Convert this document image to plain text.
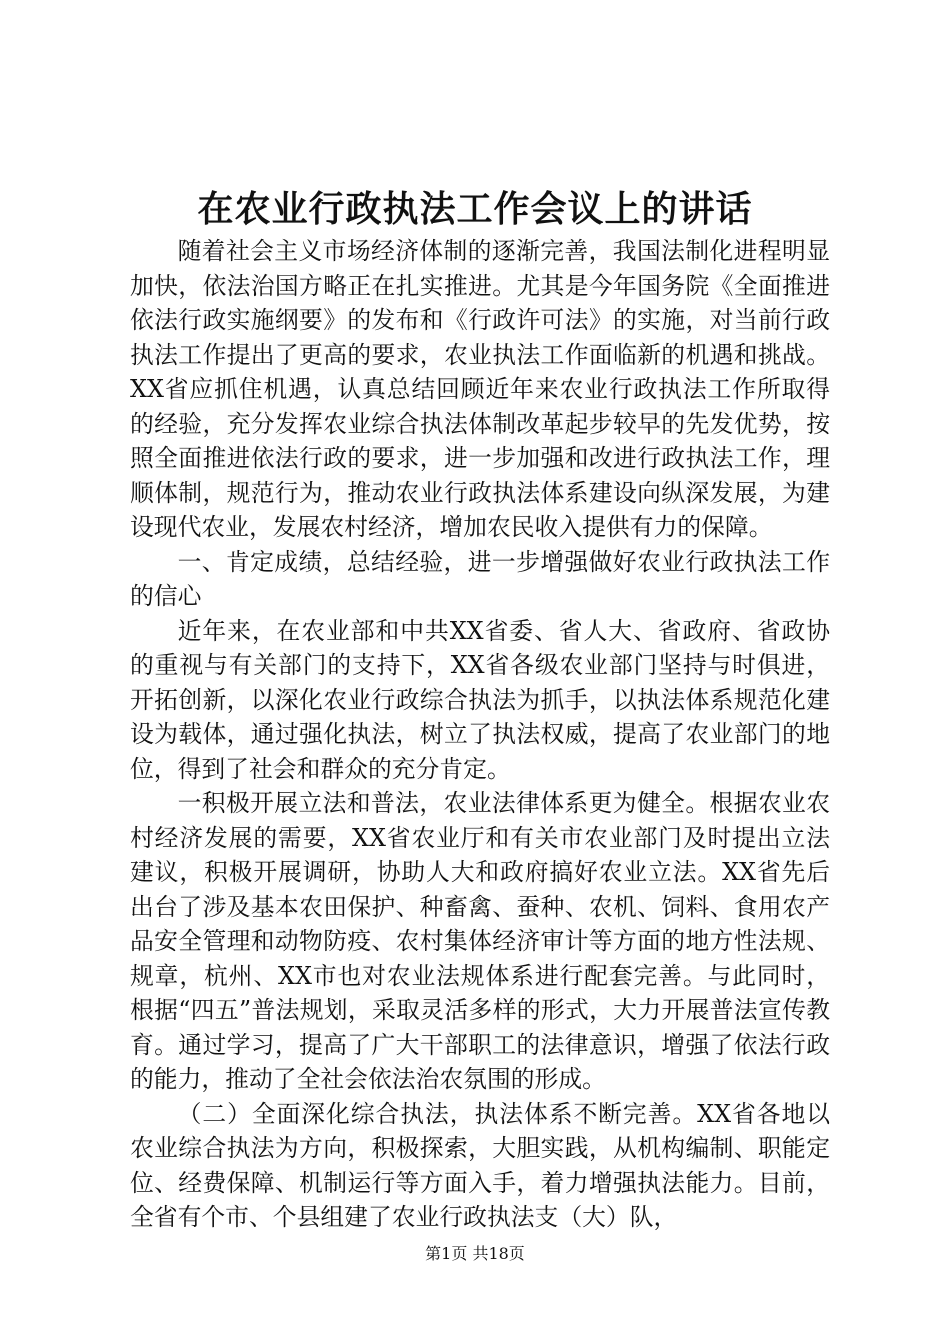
在农业行政执法工作会议上的讲话

随着社会主义市场经济体制的逐渐完善，我国法制化进程明显加快，依法治国方略正在扎实推进。尤其是今年国务院《全面推进依法行政实施纲要》的发布和《行政许可法》的实施，对当前行政执法工作提出了更高的要求，农业执法工作面临新的机遇和挑战。XX省应抓住机遇，认真总结回顾近年来农业行政执法工作所取得的经验，充分发挥农业综合执法体制改革起步较早的先发优势，按照全面推进依法行政的要求，进一步加强和改进行政执法工作，理顺体制，规范行为，推动农业行政执法体系建设向纵深发展，为建设现代农业，发展农村经济，增加农民收入提供有力的保障。

一、肯定成绩，总结经验，进一步增强做好农业行政执法工作的信心

近年来，在农业部和中共XX省委、省人大、省政府、省政协的重视与有关部门的支持下，XX省各级农业部门坚持与时俱进，开拓创新，以深化农业行政综合执法为抓手，以执法体系规范化建设为载体，通过强化执法，树立了执法权威，提高了农业部门的地位，得到了社会和群众的充分肯定。

一积极开展立法和普法，农业法律体系更为健全。根据农业农村经济发展的需要，XX省农业厅和有关市农业部门及时提出立法建议，积极开展调研，协助人大和政府搞好农业立法。XX省先后出台了涉及基本农田保护、种畜禽、蚕种、农机、饲料、食用农产品安全管理和动物防疫、农村集体经济审计等方面的地方性法规、规章，杭州、XX市也对农业法规体系进行配套完善。与此同时，根据“四五”普法规划，采取灵活多样的形式，大力开展普法宣传教育。通过学习，提高了广大干部职工的法律意识，增强了依法行政的能力，推动了全社会依法治农氛围的形成。

（二）全面深化综合执法，执法体系不断完善。XX省各地以农业综合执法为方向，积极探索，大胆实践，从机构编制、职能定位、经费保障、机制运行等方面入手，着力增强执法能力。目前，全省有个市、个县组建了农业行政执法支（大）队，

第1页 共18页
